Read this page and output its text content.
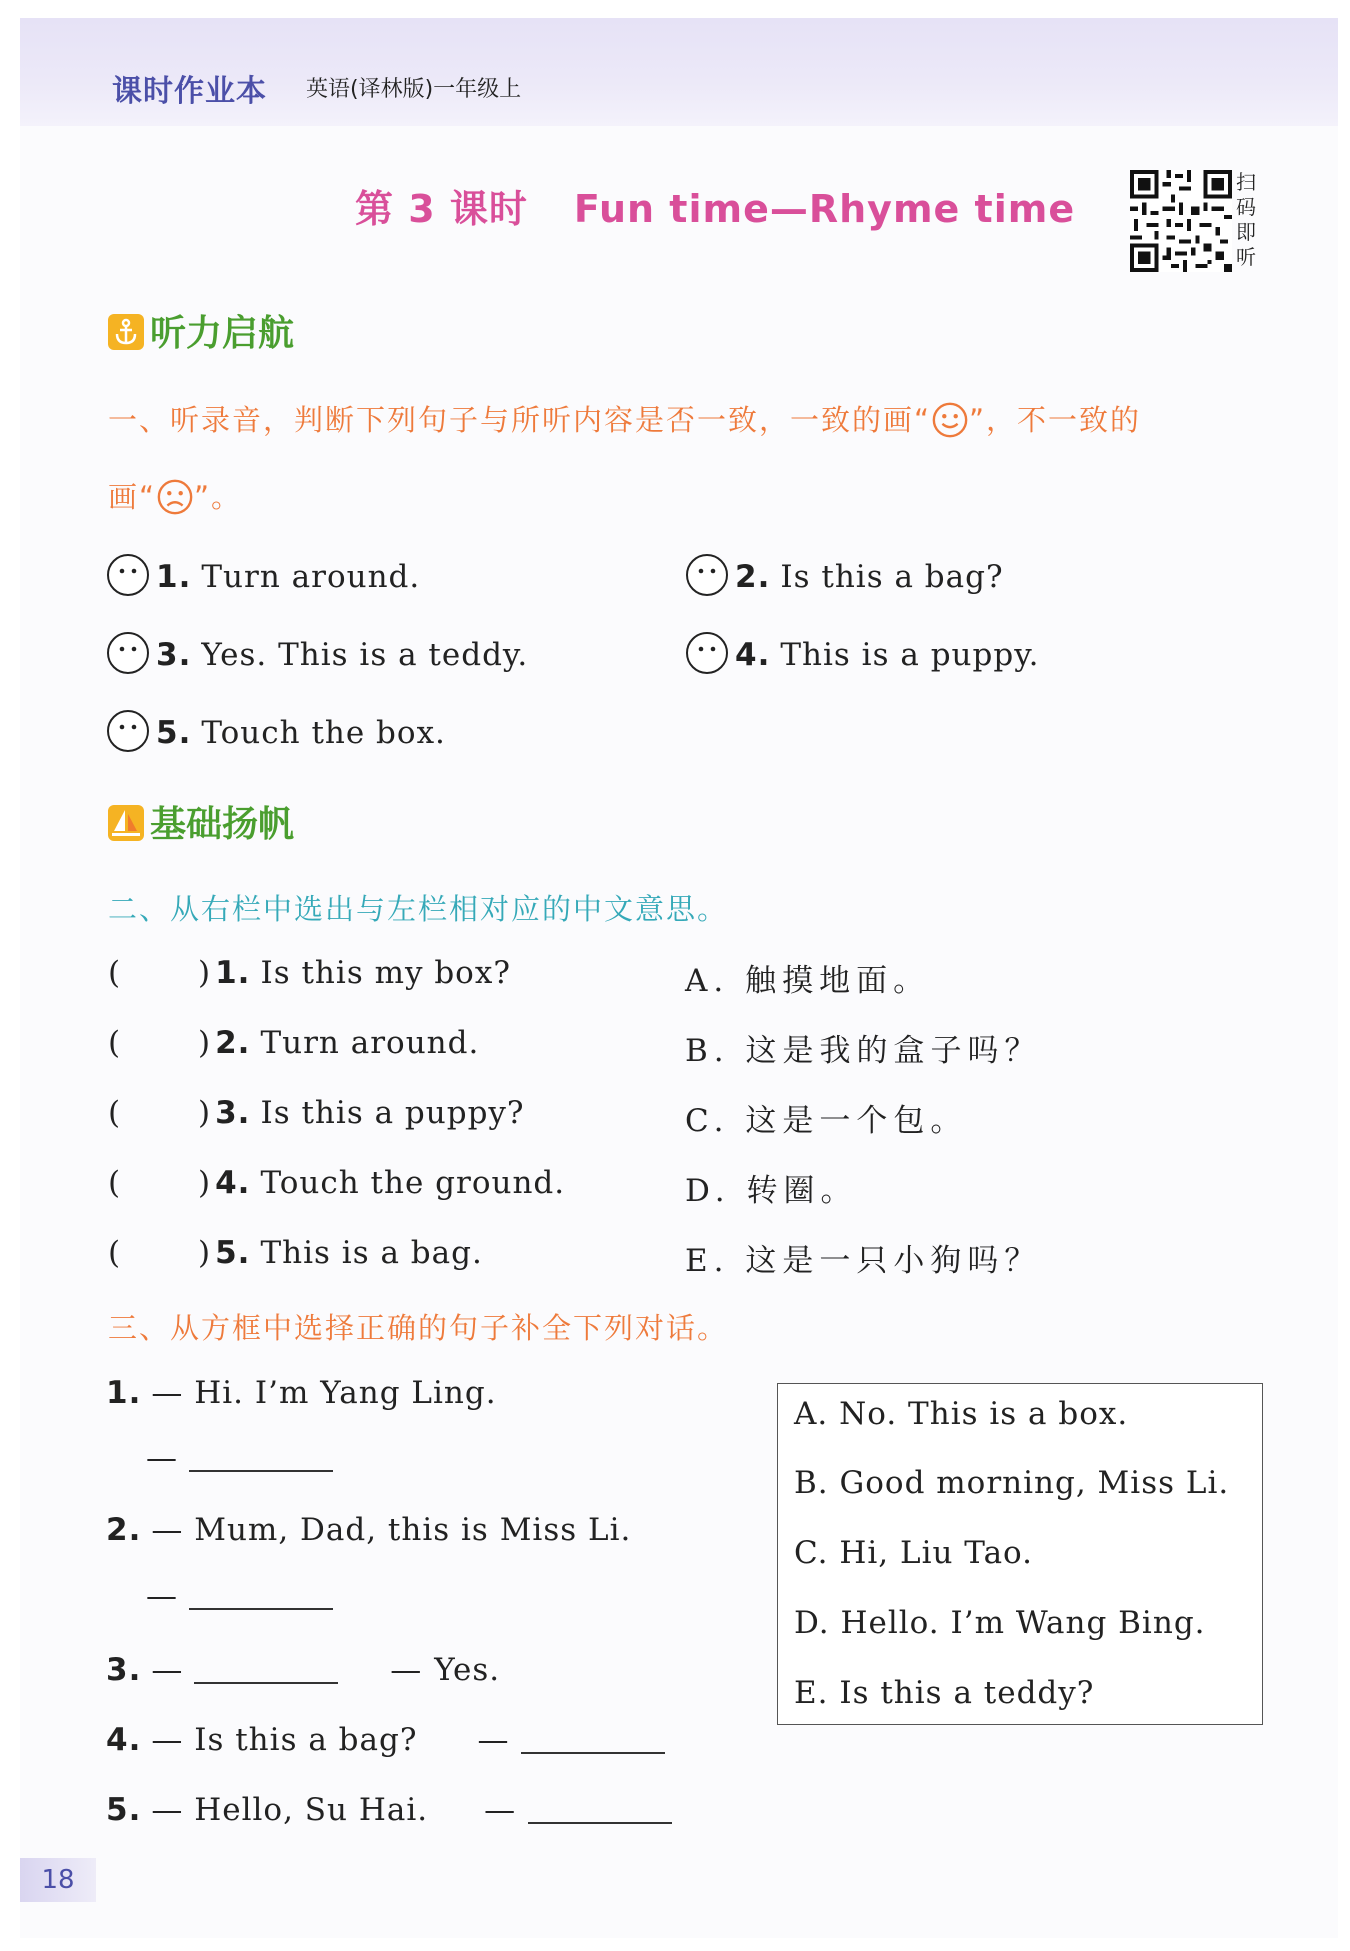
课时作业本 英语(译林版)一年级上
第 3 课时 Fun time—Rhyme time
扫码即听
听力启航
一、听录音，判断下列句子与所听内容是否一致，一致的画“ ”，不一致的
画“ ”。
1. Turn around.	2. Is this a bag?
3. Yes. This is a teddy.	4. This is a puppy.
5. Touch the box.
基础扬帆
二、从右栏中选出与左栏相对应的中文意思。
( ) 1. Is this my box?
( ) 2. Turn around.
( ) 3. Is this a puppy?
( ) 4. Touch the ground.
( ) 5. This is a bag.
A. 触摸地面。
B. 这是我的盒子吗？
C. 这是一个包。
D. 转圈。
E. 这是一只小狗吗？
三、从方框中选择正确的句子补全下列对话。
1. — Hi. I’m Yang Ling.
—
2. — Mum, Dad, this is Miss Li.
—
3. —	— Yes.
4. — Is this a bag? —
5. — Hello, Su Hai. —
A. No. This is a box.
B. Good morning, Miss Li.
C. Hi, Liu Tao.
D. Hello. I’m Wang Bing.
E. Is this a teddy?
18
